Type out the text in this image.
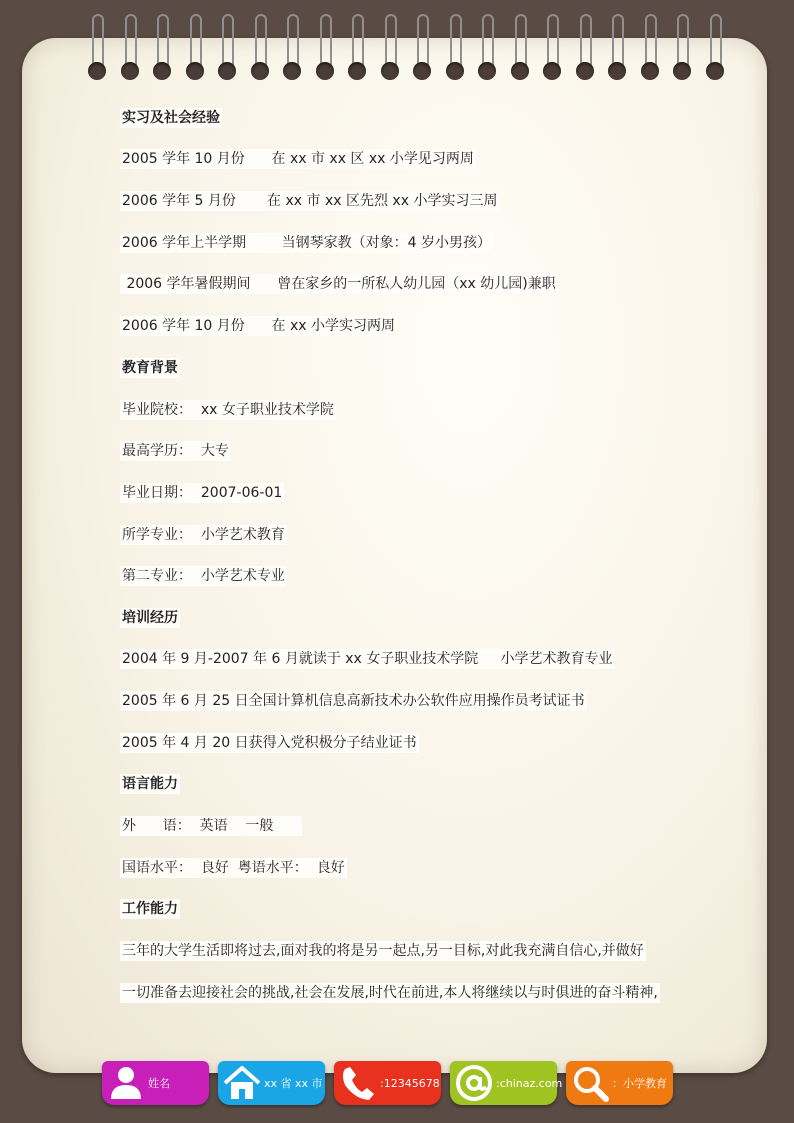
实习及社会经验
2005 学年 10 月份      在 xx 市 xx 区 xx 小学见习两周
2006 学年 5 月份       在 xx 市 xx 区先烈 xx 小学实习三周
2006 学年上半学期        当钢琴家教（对象：4 岁小男孩）
2006 学年暑假期间      曾在家乡的一所私人幼儿园（xx 幼儿园)兼职
2006 学年 10 月份      在 xx 小学实习两周
教育背景
毕业院校：  xx 女子职业技术学院
最高学历：  大专
毕业日期：  2007-06-01
所学专业：  小学艺术教育
第二专业：  小学艺术专业
培训经历
2004 年 9 月-2007 年 6 月就读于 xx 女子职业技术学院     小学艺术教育专业
2005 年 6 月 25 日全国计算机信息高新技术办公软件应用操作员考试证书
2005 年 4 月 20 日获得入党积极分子结业证书
语言能力
外      语：  英语    一般
国语水平：  良好  粤语水平：  良好
工作能力
三年的大学生活即将过去,面对我的将是另一起点,另一目标,对此我充满自信心,并做好
一切准备去迎接社会的挑战,社会在发展,时代在前进,本人将继续以与时俱进的奋斗精神,
姓名	xx 省 xx 市	:12345678	:chinaz.com	：小学教育
